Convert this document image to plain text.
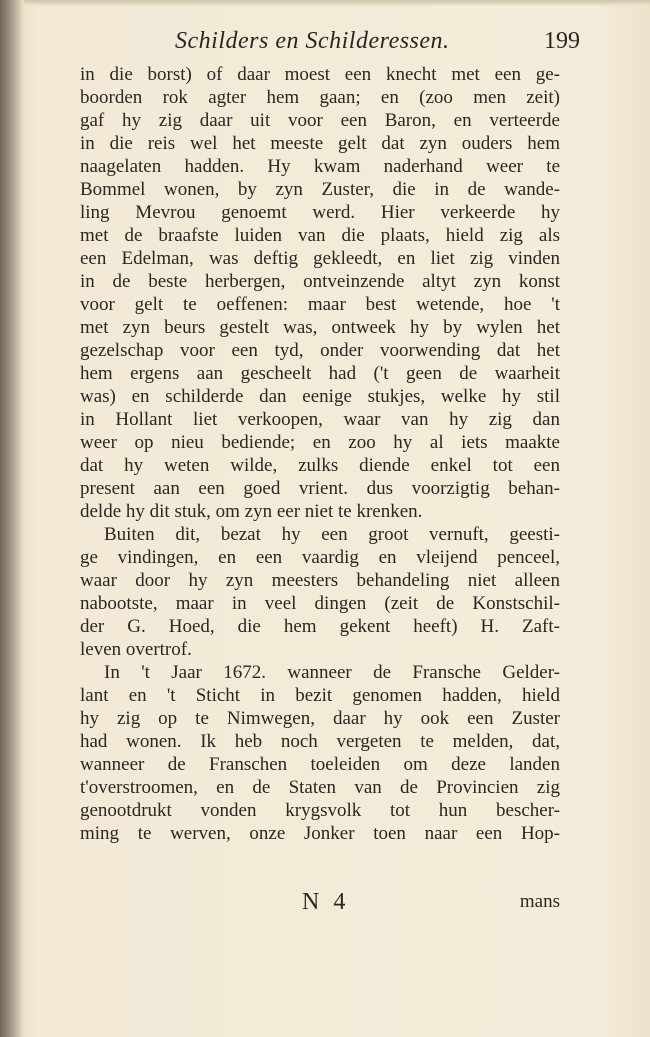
Schilders en Schilderessen.	199
in die borst) of daar moest een knecht met een ge-
boorden rok agter hem gaan; en (zoo men zeit)
gaf hy zig daar uit voor een Baron, en verteerde
in die reis wel het meeste gelt dat zyn ouders hem
naagelaten hadden. Hy kwam naderhand weer te
Bommel wonen, by zyn Zuster, die in de wande-
ling Mevrou genoemt werd. Hier verkeerde hy
met de braafste luiden van die plaats, hield zig als
een Edelman, was deftig gekleedt, en liet zig vinden
in de beste herbergen, ontveinzende altyt zyn konst
voor gelt te oeffenen: maar best wetende, hoe 't
met zyn beurs gestelt was, ontweek hy by wylen het
gezelschap voor een tyd, onder voorwending dat het
hem ergens aan gescheelt had ('t geen de waarheit
was) en schilderde dan eenige stukjes, welke hy stil
in Hollant liet verkoopen, waar van hy zig dan
weer op nieu bediende; en zoo hy al iets maakte
dat hy weten wilde, zulks diende enkel tot een
present aan een goed vrient. dus voorzigtig behan-
delde hy dit stuk, om zyn eer niet te krenken.
Buiten dit, bezat hy een groot vernuft, geesti-
ge vindingen, en een vaardig en vleijend penceel,
waar door hy zyn meesters behandeling niet alleen
nabootste, maar in veel dingen (zeit de Konstschil-
der G. Hoed, die hem gekent heeft) H. Zaft-
leven overtrof.
In 't Jaar 1672. wanneer de Fransche Gelder-
lant en 't Sticht in bezit genomen hadden, hield
hy zig op te Nimwegen, daar hy ook een Zuster
had wonen. Ik heb noch vergeten te melden, dat,
wanneer de Franschen toeleiden om deze landen
t'overstroomen, en de Staten van de Provincien zig
genootdrukt vonden krygsvolk tot hun bescher-
ming te werven, onze Jonker toen naar een Hop-
N 4	mans
